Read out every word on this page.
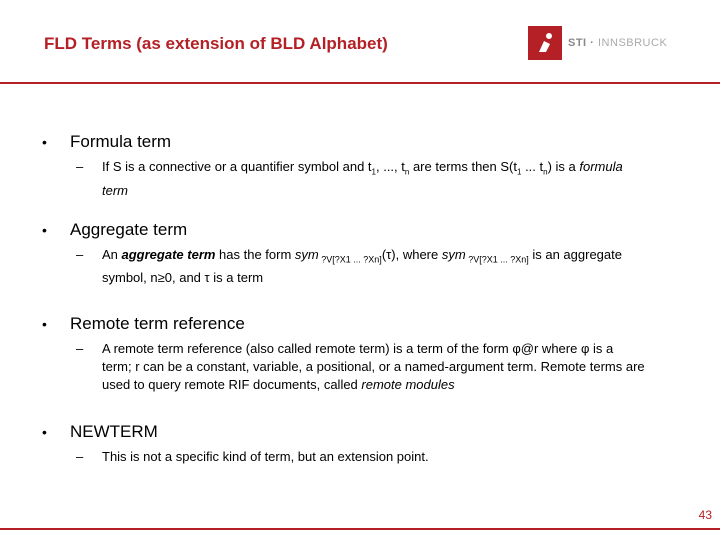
FLD Terms (as extension of BLD Alphabet)	STI · INNSBRUCK
•	Formula term
–	If S is a connective or a quantifier symbol and $t_1$, ..., $t_n$ are terms then $S(t_1$ ... $t_n$) is a formula term
•	Aggregate term
–	An aggregate term has the form sym $_{?V[?X1 ... ?Xn]}$(τ), where sym $_{?V[?X1 ... ?Xn]}$ is an aggregate symbol, n≥0, and τ is a term
•	Remote term reference
–	A remote term reference (also called remote term) is a term of the form φ@r where φ is a term; r can be a constant, variable, a positional, or a named-argument term. Remote terms are used to query remote RIF documents, called remote modules
•	NEWTERM
–	This is not a specific kind of term, but an extension point.
43
